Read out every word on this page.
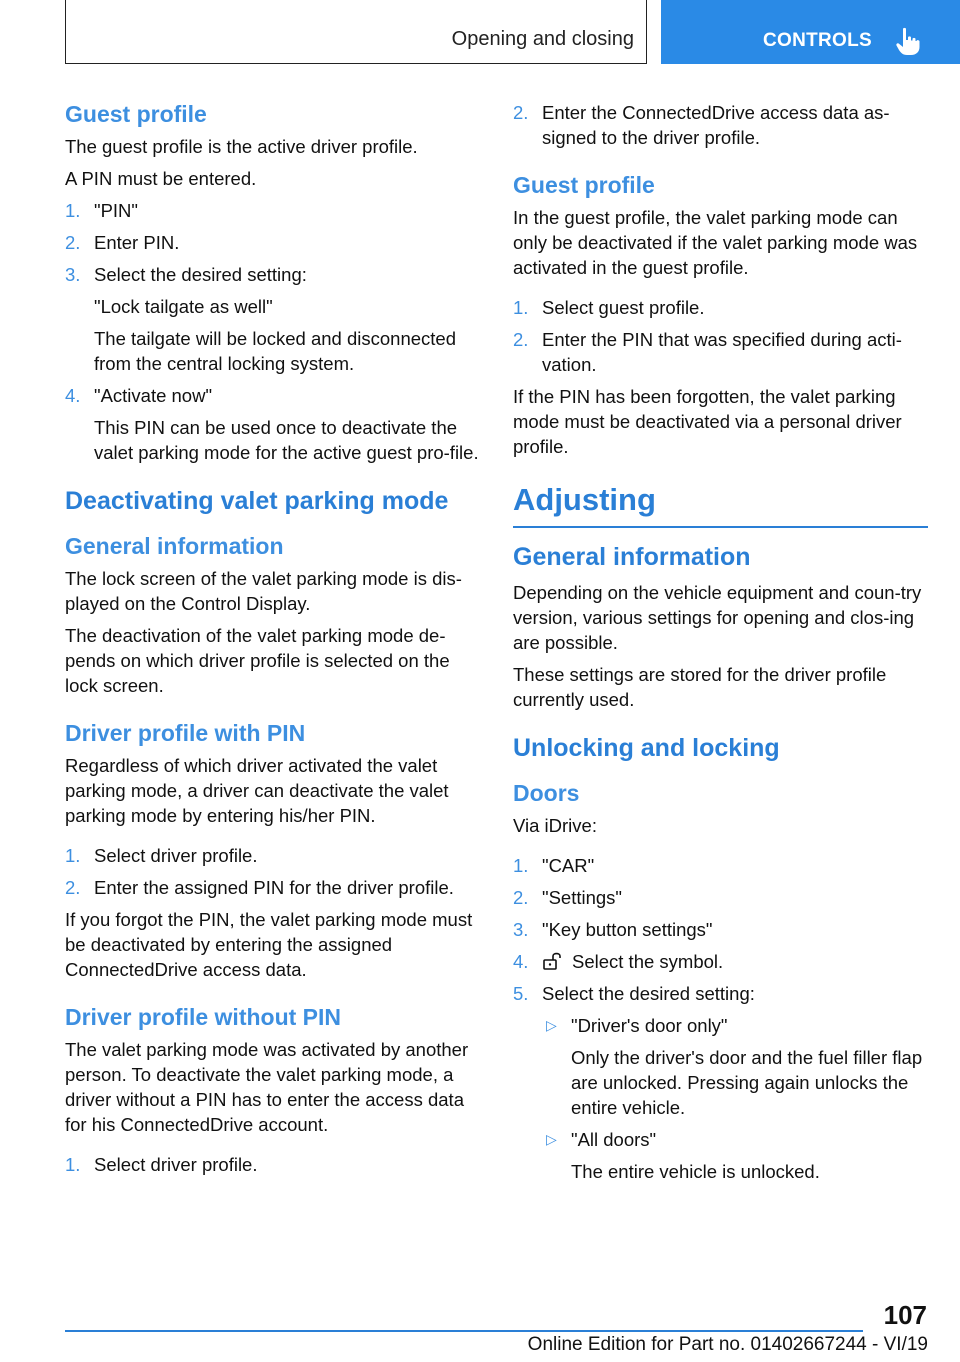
Opening and closing	CONTROLS
Guest profile
The guest profile is the active driver profile.
A PIN must be entered.
1. "PIN"
2. Enter PIN.
3. Select the desired setting:
"Lock tailgate as well"
The tailgate will be locked and disconnected from the central locking system.
4. "Activate now"
This PIN can be used once to deactivate the valet parking mode for the active guest pro-file.
Deactivating valet parking mode
General information
The lock screen of the valet parking mode is dis-played on the Control Display.
The deactivation of the valet parking mode de-pends on which driver profile is selected on the lock screen.
Driver profile with PIN
Regardless of which driver activated the valet parking mode, a driver can deactivate the valet parking mode by entering his/her PIN.
1. Select driver profile.
2. Enter the assigned PIN for the driver profile.
If you forgot the PIN, the valet parking mode must be deactivated by entering the assigned ConnectedDrive access data.
Driver profile without PIN
The valet parking mode was activated by another person. To deactivate the valet parking mode, a driver without a PIN has to enter the access data for his ConnectedDrive account.
1. Select driver profile.
2. Enter the ConnectedDrive access data as-signed to the driver profile.
Guest profile
In the guest profile, the valet parking mode can only be deactivated if the valet parking mode was activated in the guest profile.
1. Select guest profile.
2. Enter the PIN that was specified during acti-vation.
If the PIN has been forgotten, the valet parking mode must be deactivated via a personal driver profile.
Adjusting
General information
Depending on the vehicle equipment and coun-try version, various settings for opening and clos-ing are possible.
These settings are stored for the driver profile currently used.
Unlocking and locking
Doors
Via iDrive:
1. "CAR"
2. "Settings"
3. "Key button settings"
4. Select the symbol.
5. Select the desired setting:
▷ "Driver's door only"
Only the driver's door and the fuel filler flap are unlocked. Pressing again unlocks the entire vehicle.
▷ "All doors"
The entire vehicle is unlocked.
107
Online Edition for Part no. 01402667244 - VI/19
